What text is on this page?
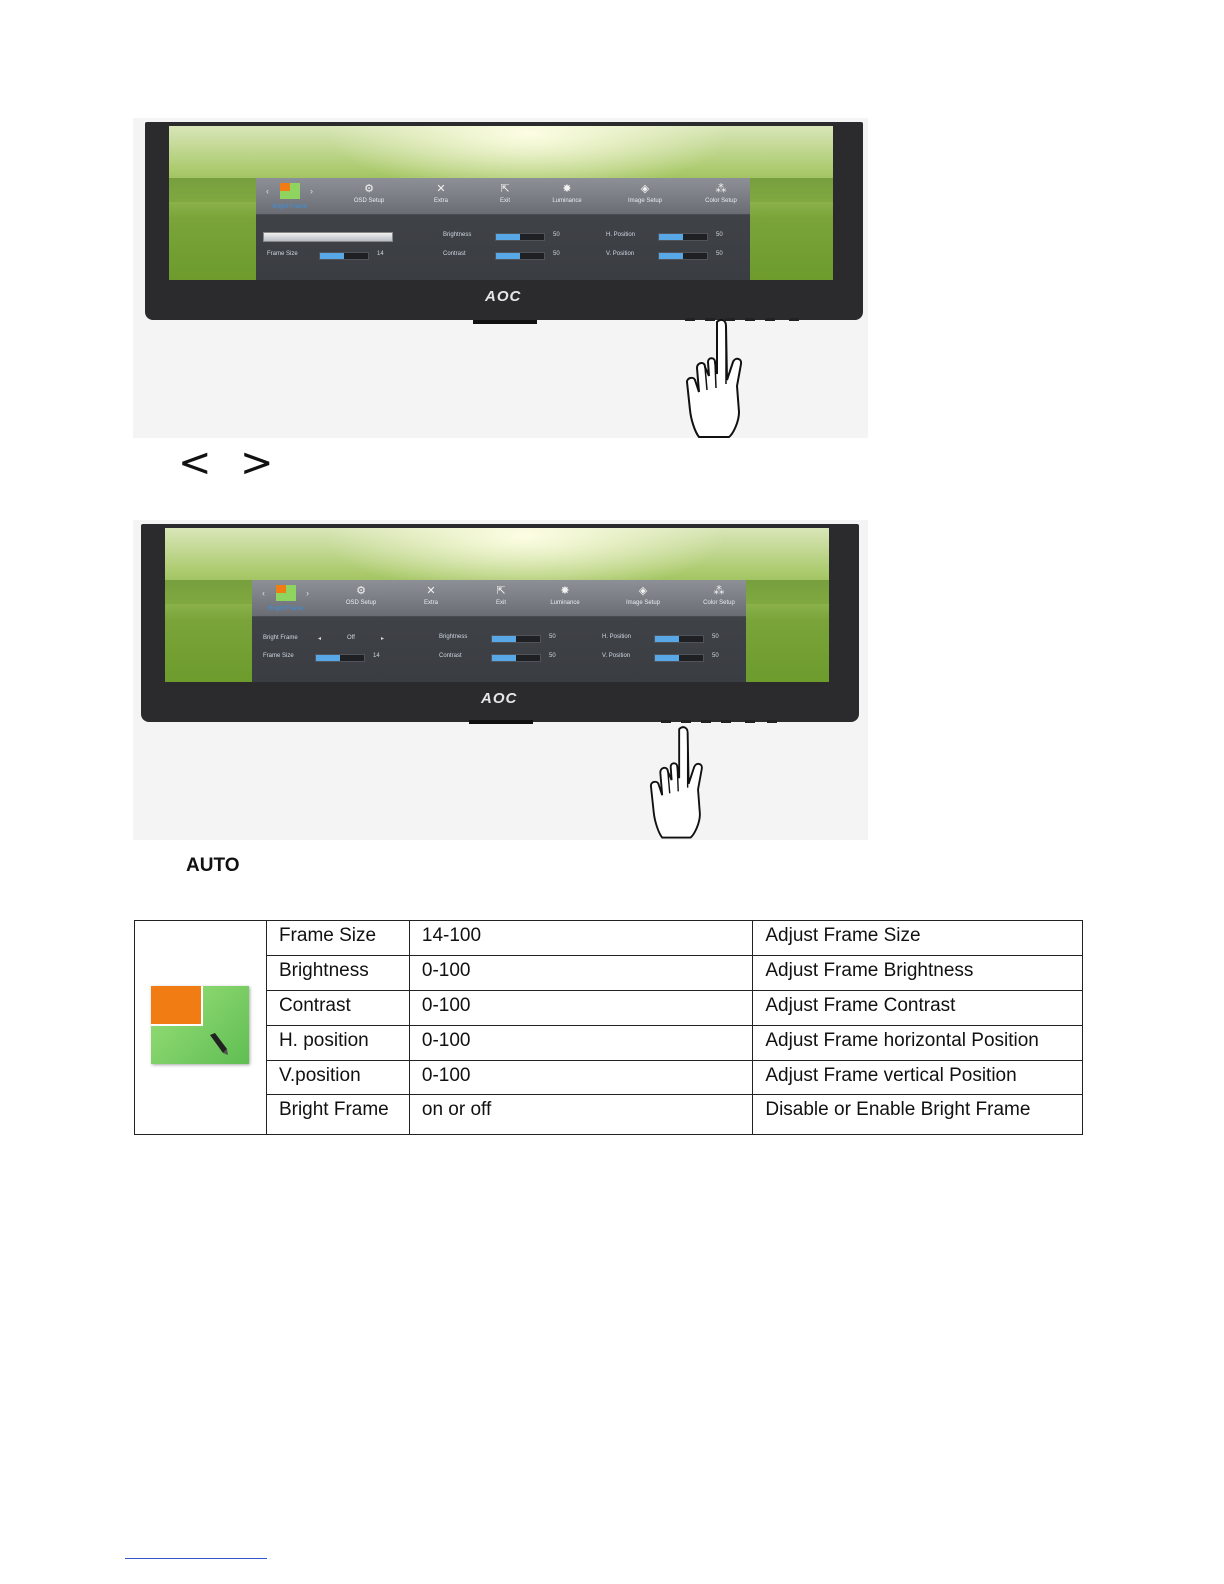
‹	›
Bright Frame
⚙
OSD Setup
✕
Extra
⇱
Exit
✸
Luminance
◈
Image Setup
⁂
Color Setup
Frame Size	14
Brightness	50
Contrast	50
H. Position	50
V. Position	50
AOC
< >
‹	›
Bright Frame
⚙
OSD Setup
✕
Extra
⇱
Exit
✸
Luminance
◈
Image Setup
⁂
Color Setup
Bright Frame	◂	Off	▸
Frame Size	14
Brightness	50
Contrast	50
H. Position	50
V. Position	50
AOC
AUTO
	Frame Size	14-100	Adjust Frame Size
	Brightness	0-100	Adjust Frame Brightness
	Contrast	0-100	Adjust Frame Contrast
	H. position	0-100	Adjust Frame horizontal Position
	V.position	0-100	Adjust Frame vertical Position
	Bright Frame	on or off	Disable or Enable Bright Frame
